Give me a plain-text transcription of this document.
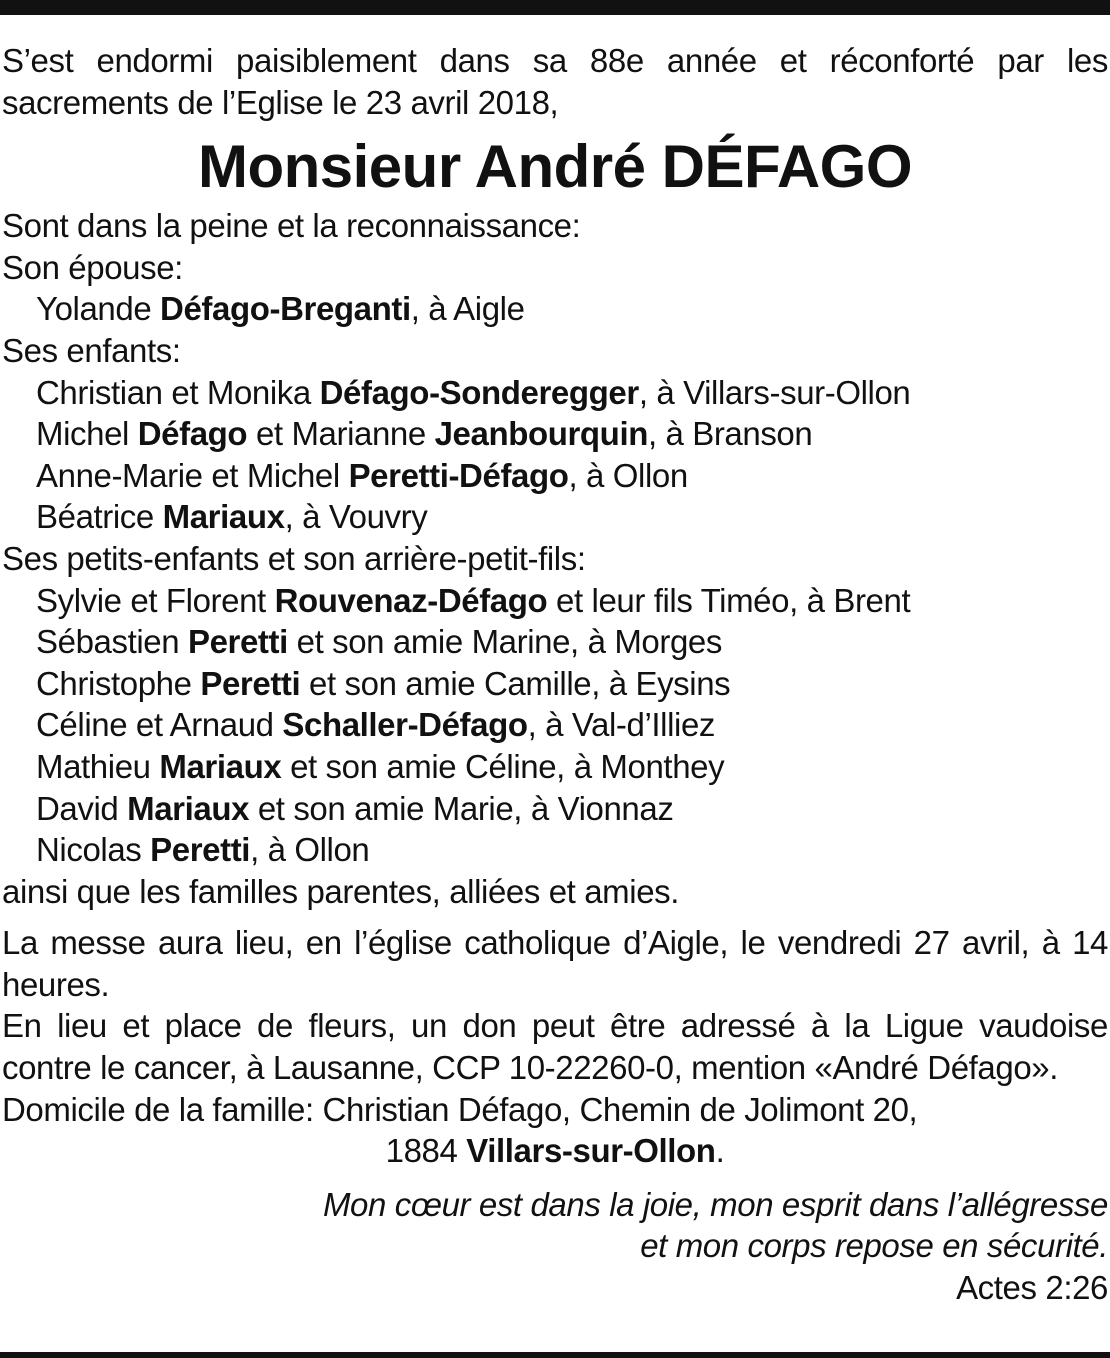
S’est endormi paisiblement dans sa 88e année et réconforté par les sacrements de l’Eglise le 23 avril 2018,
Monsieur André DÉFAGO
Sont dans la peine et la reconnaissance:
Son épouse:
Yolande Défago-Breganti, à Aigle
Ses enfants:
Christian et Monika Défago-Sonderegger, à Villars-sur-Ollon
Michel Défago et Marianne Jeanbourquin, à Branson
Anne-Marie et Michel Peretti-Défago, à Ollon
Béatrice Mariaux, à Vouvry
Ses petits-enfants et son arrière-petit-fils:
Sylvie et Florent Rouvenaz-Défago et leur fils Timéo, à Brent
Sébastien Peretti et son amie Marine, à Morges
Christophe Peretti et son amie Camille, à Eysins
Céline et Arnaud Schaller-Défago, à Val-d’Illiez
Mathieu Mariaux et son amie Céline, à Monthey
David Mariaux et son amie Marie, à Vionnaz
Nicolas Peretti, à Ollon
ainsi que les familles parentes, alliées et amies.
La messe aura lieu, en l’église catholique d’Aigle, le vendredi 27 avril, à 14 heures.
En lieu et place de fleurs, un don peut être adressé à la Ligue vaudoise contre le cancer, à Lausanne, CCP 10-22260-0, mention «André Défago».
Domicile de la famille: Christian Défago, Chemin de Jolimont 20,
1884 Villars-sur-Ollon.
Mon cœur est dans la joie, mon esprit dans l’allégresse
et mon corps repose en sécurité.
Actes 2:26
